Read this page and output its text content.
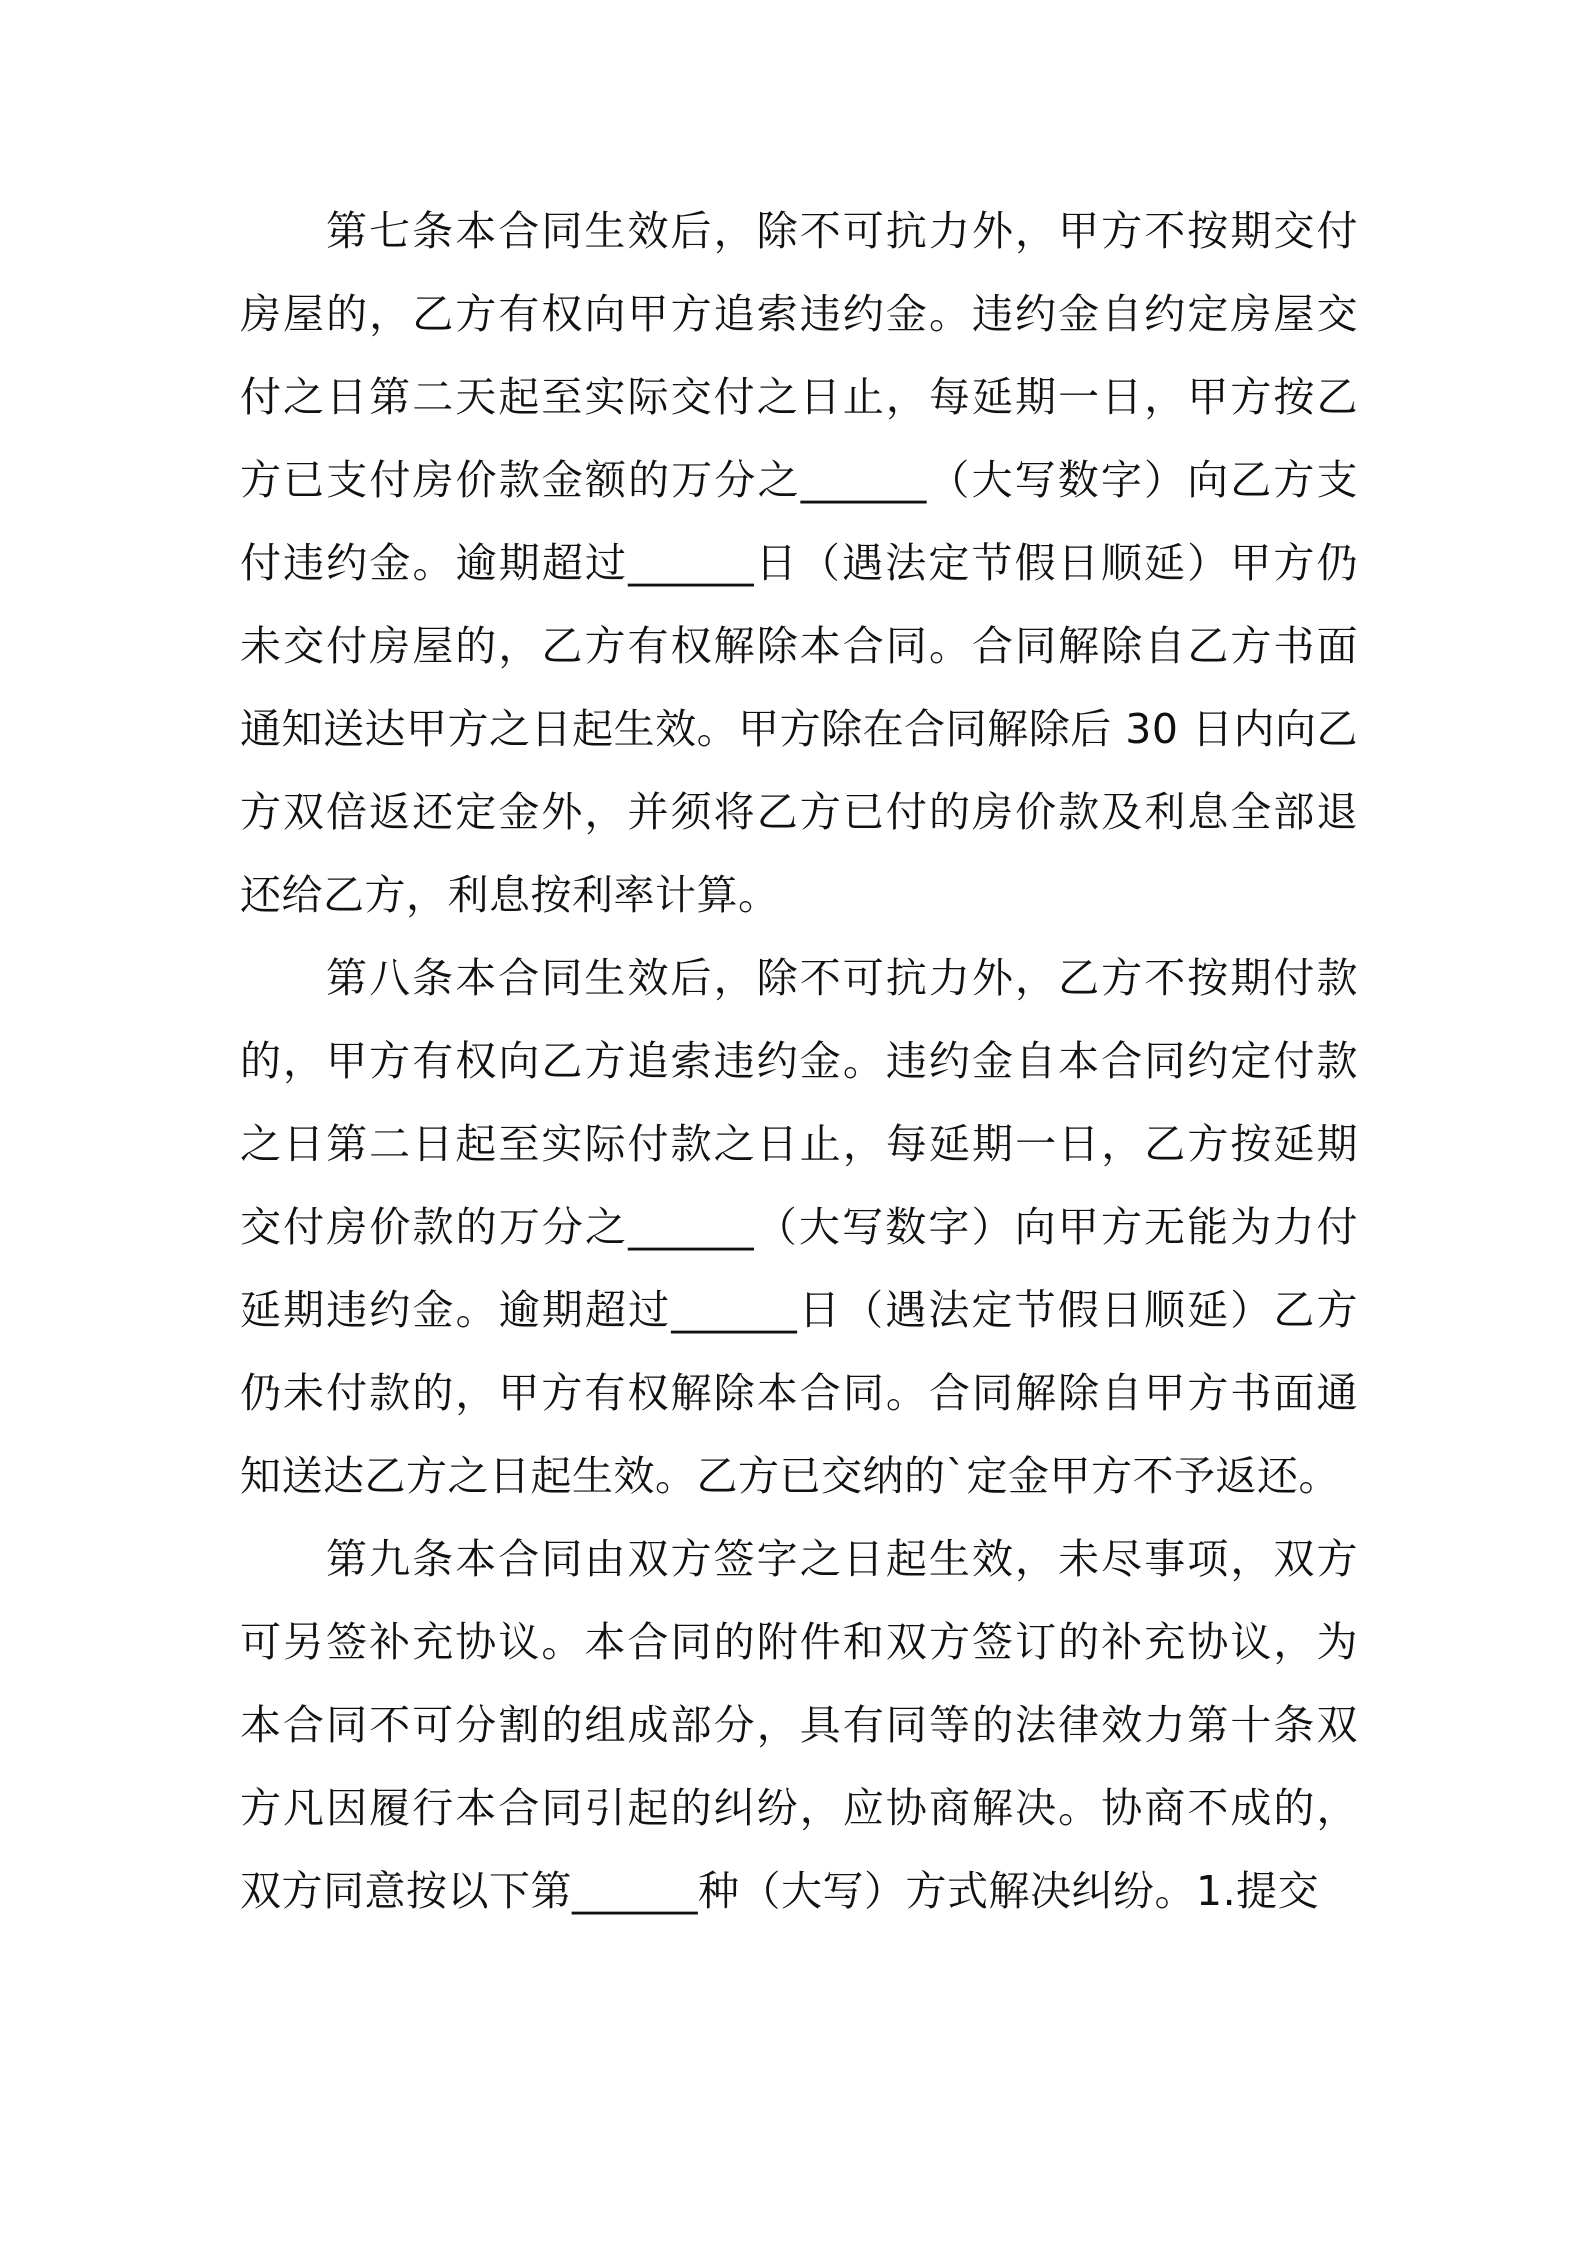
第七条本合同生效后，除不可抗力外，甲方不按期交付房屋的，乙方有权向甲方追索违约金。违约金自约定房屋交付之日第二天起至实际交付之日止，每延期一日，甲方按乙方已支付房价款金额的万分之______（大写数字）向乙方支付违约金。逾期超过______日（遇法定节假日顺延）甲方仍未交付房屋的，乙方有权解除本合同。合同解除自乙方书面通知送达甲方之日起生效。甲方除在合同解除后 30 日内向乙方双倍返还定金外，并须将乙方已付的房价款及利息全部退还给乙方，利息按利率计算。

第八条本合同生效后，除不可抗力外，乙方不按期付款的，甲方有权向乙方追索违约金。违约金自本合同约定付款之日第二日起至实际付款之日止，每延期一日，乙方按延期交付房价款的万分之______（大写数字）向甲方无能为力付延期违约金。逾期超过______日（遇法定节假日顺延）乙方仍未付款的，甲方有权解除本合同。合同解除自甲方书面通知送达乙方之日起生效。乙方已交纳的`定金甲方不予返还。

第九条本合同由双方签字之日起生效，未尽事项，双方可另签补充协议。本合同的附件和双方签订的补充协议，为本合同不可分割的组成部分，具有同等的法律效力第十条双方凡因履行本合同引起的纠纷，应协商解决。协商不成的，双方同意按以下第______种（大写）方式解决纠纷。1.提交
